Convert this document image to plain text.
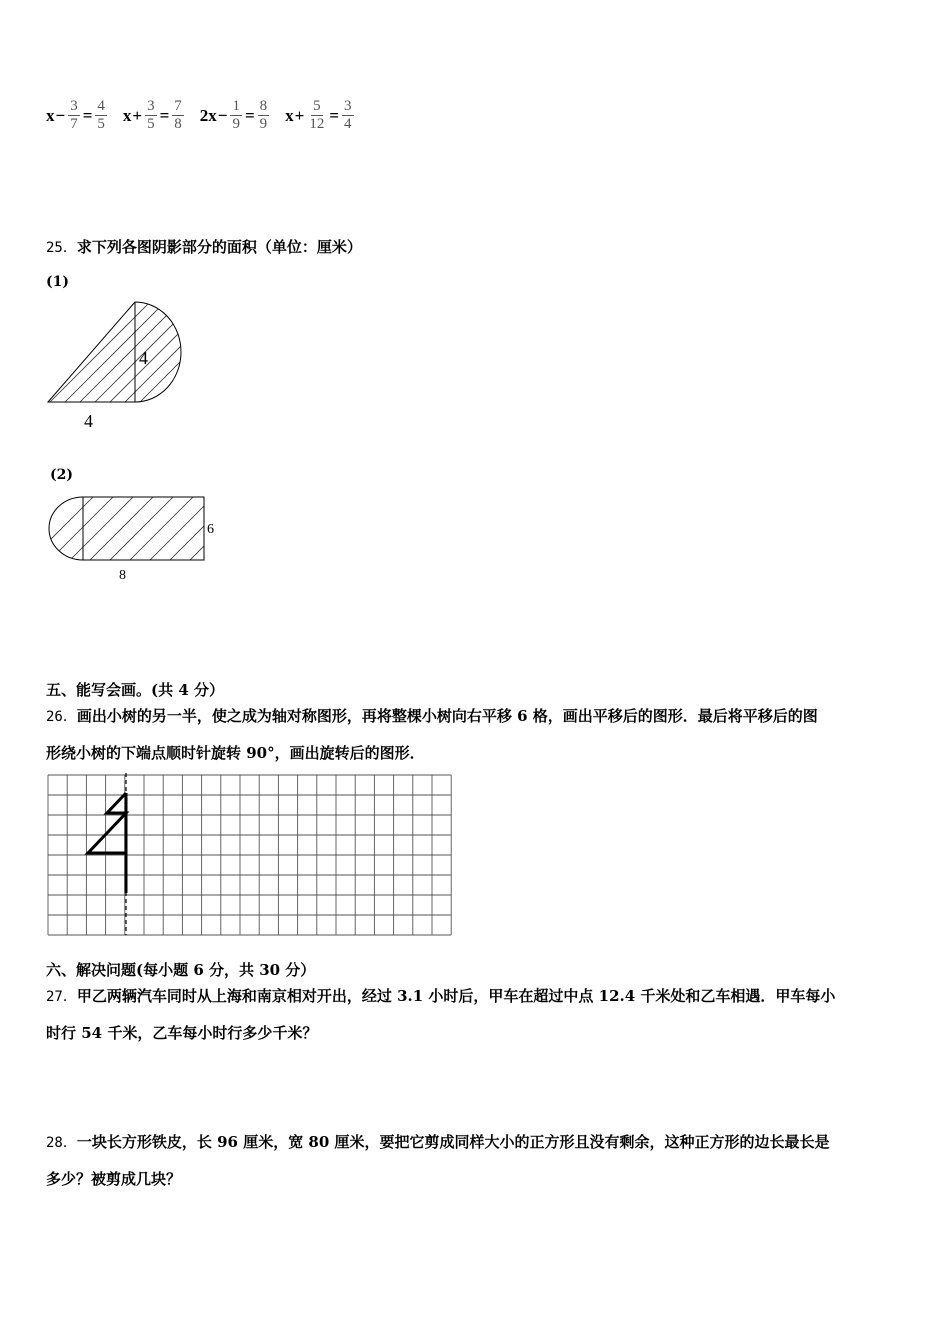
$x - \frac{3}{7} = \frac{4}{5}$ $x + \frac{3}{5} = \frac{7}{8} 2x - \frac{1}{9} = \frac{8}{9}$ $x + \frac{5}{12} = \frac{3}{4}$
25．求下列各图阴影部分的面积（单位：厘米）
(1)
4
4
(2)
6
8
五、能写会画。(共 4 分）
26．画出小树的另一半，使之成为轴对称图形，再将整棵小树向右平移 6 格，画出平移后的图形．最后将平移后的图
形绕小树的下端点顺时针旋转 90°，画出旋转后的图形．
六、解决问题(每小题 6 分，共 30 分）
27．甲乙两辆汽车同时从上海和南京相对开出，经过 3.1 小时后，甲车在超过中点 12.4 千米处和乙车相遇．甲车每小
时行 54 千米，乙车每小时行多少千米？
28．一块长方形铁皮，长 96 厘米，宽 80 厘米，要把它剪成同样大小的正方形且没有剩余，这种正方形的边长最长是
多少？被剪成几块？
